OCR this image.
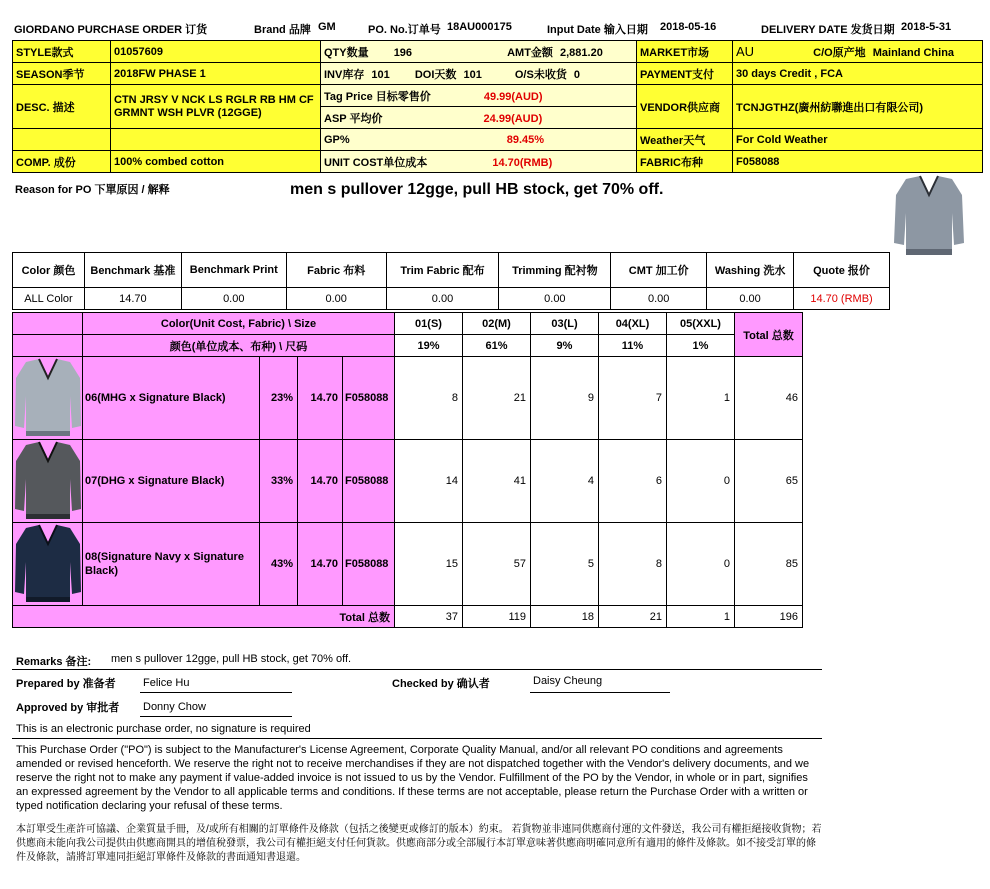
GIORDANO PURCHASE ORDER 订货	Brand 品牌 GM	PO. No.订单号 18AU000175	Input Date 输入日期 2018-05-16	DELIVERY DATE 发货日期 2018-5-31
STYLE款式	01057609	QTY数量 196 AMT金额 2,881.20	MARKET市场	AU C/O原产地 Mainland China
SEASON季节	2018FW PHASE 1	INV库存 101 DOI天数 101 O/S未收货 0	PAYMENT支付	30 days Credit , FCA
DESC. 描述	CTN JRSY V NCK LS RGLR RB HM CF GRMNT WSH PLVR (12GGE)	Tag Price 目标零售价 49.99(AUD)	VENDOR供应商	TCNJGTHZ(廣州紡聯進出口有限公司)
		ASP 平均价 24.99(AUD)		
		GP% 89.45%	Weather天气	For Cold Weather
COMP. 成份	100% combed cotton	UNIT COST单位成本 14.70(RMB)	FABRIC布种	F058088
Reason for PO 下單原因 / 解释	men s pullover 12gge, pull HB stock, get 70% off.
Color 颜色	Benchmark 基准	Benchmark Print	Fabric 布料	Trim Fabric 配布	Trimming 配衬物	CMT 加工价	Washing 洗水	Quote 报价
ALL Color	14.70	0.00	0.00	0.00	0.00	0.00	0.00	14.70 (RMB)
	Color(Unit Cost, Fabric) \ Size				01(S)	02(M)	03(L)	04(XL)	05(XXL)	Total 总数
	颜色(单位成本、布种) \ 尺码				19%	61%	9%	11%	1%	

	06(MHG x Signature Black)	23%	14.70	F058088	8	21	9	7	1	46

	07(DHG x Signature Black)	33%	14.70	F058088	14	41	4	6	0	65

	08(Signature Navy x Signature Black)	43%	14.70	F058088	15	57	5	8	0	85
Total 总数					37	119	18	21	1	196
Remarks 备注: men s pullover 12gge, pull HB stock, get 70% off.
Prepared by 准备者 Felice Hu	Checked by 确认者	Daisy Cheung
Approved by 审批者 Donny Chow
This is an electronic purchase order, no signature is required
This Purchase Order ("PO") is subject to the Manufacturer's License Agreement, Corporate Quality Manual, and/or all relevant PO conditions and agreements amended or revised henceforth. We reserve the right not to receive merchandises if they are not dispatched together with the Vendor's delivery documents, and we reserve the right not to make any payment if value-added invoice is not issued to us by the Vendor. Fulfillment of the PO by the Vendor, in whole or in part, signifies an expressed agreement by the Vendor to all applicable terms and conditions. If these terms are not acceptable, please return the Purchase Order with a written or typed notification declaring your refusal of these terms.
本訂單受生產許可協議、企業質量手冊，及/或所有相關的訂單條件及條款（包括之後變更或修訂的版本）約束。 若貨物並非連同供應商付運的文件發送，我公司有權拒絕接收貨物；若供應商未能向我公司提供由供應商開具的增值稅發票，我公司有權拒絕支付任何貨款。供應商部分或全部履行本訂單意味著供應商明確同意所有適用的條件及條款。如不接受訂單的條件及條款，請將訂單連同拒絕訂單條件及條款的書面通知書退還。
